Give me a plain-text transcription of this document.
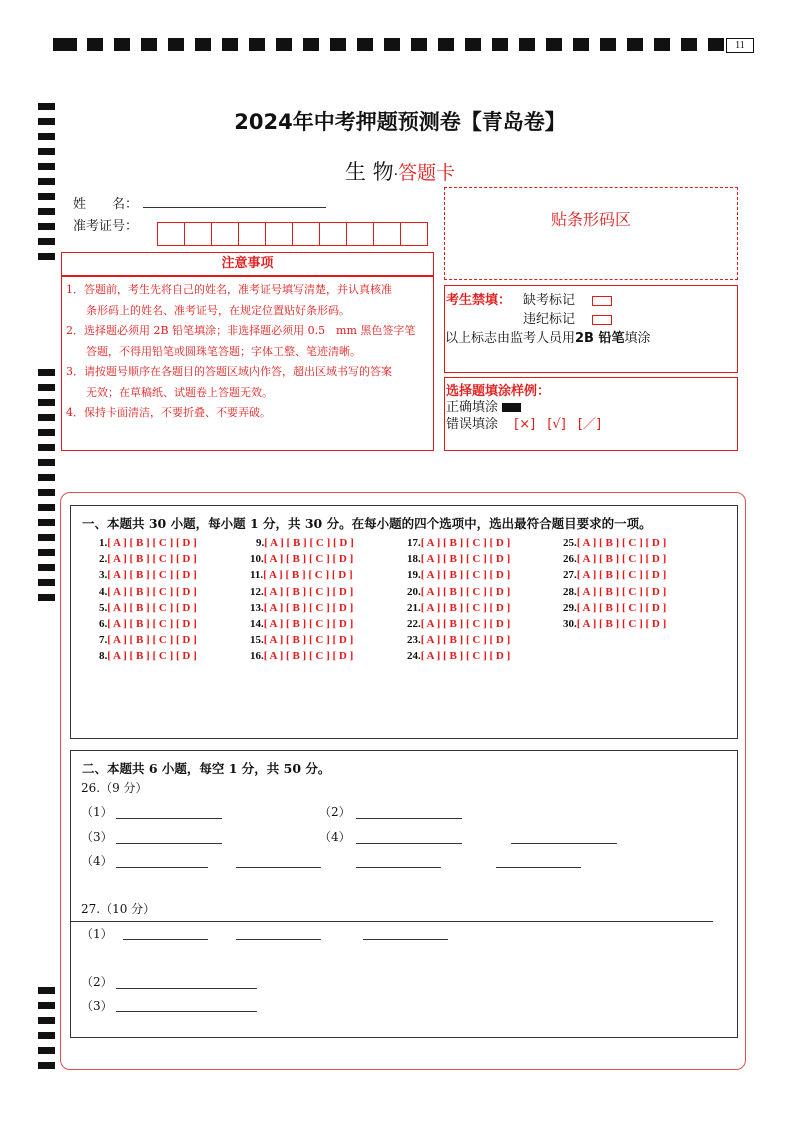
11
2024年中考押题预测卷【青岛卷】
生 物·答题卡
姓　　名：
准考证号：	贴条形码区
注意事项
1．答题前，考生先将自己的姓名，准考证号填写清楚，并认真核准
条形码上的姓名、准考证号，在规定位置贴好条形码。
2．选择题必须用 2B 铅笔填涂；非选择题必须用 0.5　mm 黑色签字笔
答题，不得用铅笔或圆珠笔答题；字体工整、笔迹清晰。
3．请按题号顺序在各题目的答题区域内作答，超出区域书写的答案
无效；在草稿纸、试题卷上答题无效。
4．保持卡面清洁，不要折叠、不要弄破。
考生禁填： 缺考标记
违纪标记
以上标志由监考人员用2B 铅笔填涂
选择题填涂样例：
正确填涂
错误填涂 [×] [√] [／]
一、本题共 30 小题，每小题 1 分，共 30 分。在每小题的四个选项中，选出最符合题目要求的一项。
1.[ A ] [ B ] [ C ] [ D ]
2.[ A ] [ B ] [ C ] [ D ]
3.[ A ] [ B ] [ C ] [ D ]
4.[ A ] [ B ] [ C ] [ D ]
5.[ A ] [ B ] [ C ] [ D ]
6.[ A ] [ B ] [ C ] [ D ]
7.[ A ] [ B ] [ C ] [ D ]
8.[ A ] [ B ] [ C ] [ D ]
9.[ A ] [ B ] [ C ] [ D ]
10.[ A ] [ B ] [ C ] [ D ]
11.[ A ] [ B ] [ C ] [ D ]
12.[ A ] [ B ] [ C ] [ D ]
13.[ A ] [ B ] [ C ] [ D ]
14.[ A ] [ B ] [ C ] [ D ]
15.[ A ] [ B ] [ C ] [ D ]
16.[ A ] [ B ] [ C ] [ D ]
17.[ A ] [ B ] [ C ] [ D ]
18.[ A ] [ B ] [ C ] [ D ]
19.[ A ] [ B ] [ C ] [ D ]
20.[ A ] [ B ] [ C ] [ D ]
21.[ A ] [ B ] [ C ] [ D ]
22.[ A ] [ B ] [ C ] [ D ]
23.[ A ] [ B ] [ C ] [ D ]
24.[ A ] [ B ] [ C ] [ D ]
25.[ A ] [ B ] [ C ] [ D ]
26.[ A ] [ B ] [ C ] [ D ]
27.[ A ] [ B ] [ C ] [ D ]
28.[ A ] [ B ] [ C ] [ D ]
29.[ A ] [ B ] [ C ] [ D ]
30.[ A ] [ B ] [ C ] [ D ]
二、本题共 6 小题，每空 1 分，共 50 分。
26.（9 分）
（1）	（2）
（3）	（4）
（4）
27.（10 分）
（1）
（2）
（3）
